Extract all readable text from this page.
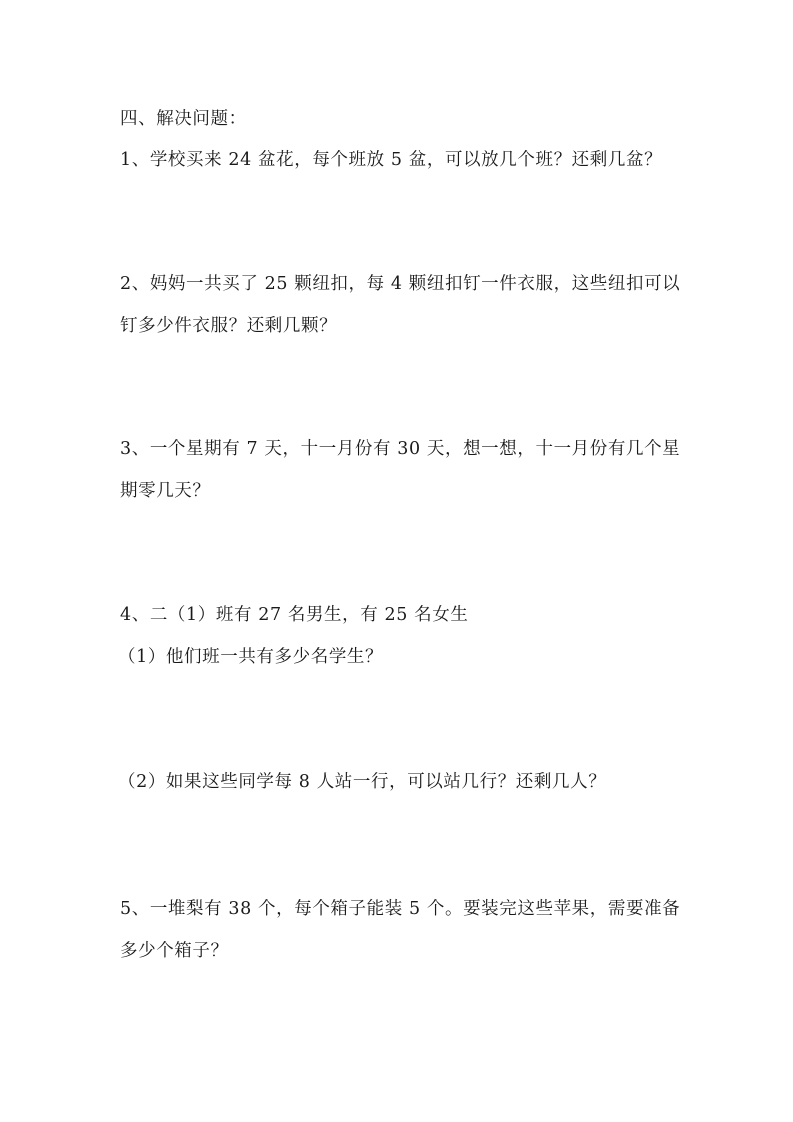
四、解决问题：
1、学校买来 24 盆花，每个班放 5 盆，可以放几个班？还剩几盆？
2、妈妈一共买了 25 颗纽扣，每 4 颗纽扣钉一件衣服，这些纽扣可以
钉多少件衣服？还剩几颗？
3、一个星期有 7 天，十一月份有 30 天，想一想，十一月份有几个星
期零几天？
4、二（1）班有 27 名男生，有 25 名女生
（1）他们班一共有多少名学生？
（2）如果这些同学每 8 人站一行，可以站几行？还剩几人？
5、一堆梨有 38 个，每个箱子能装 5 个。要装完这些苹果，需要准备
多少个箱子？
